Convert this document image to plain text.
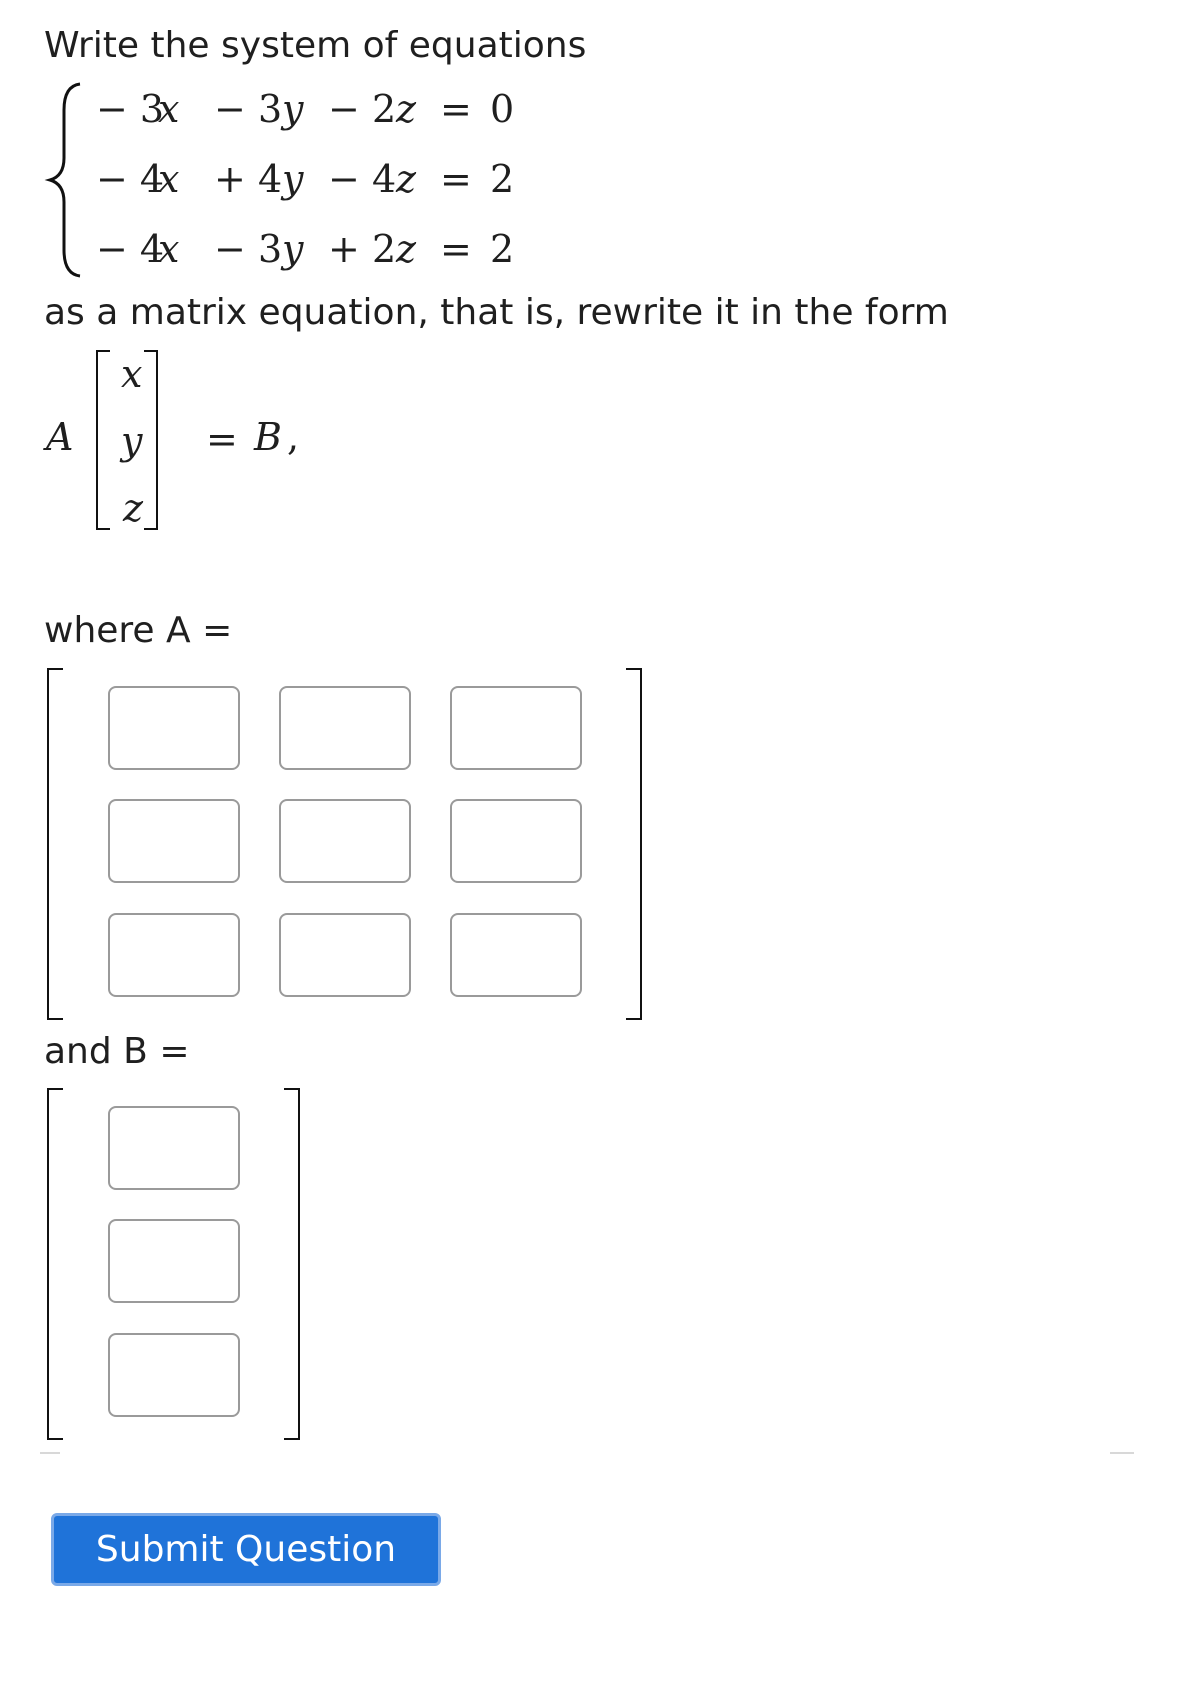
Write the system of equations
− 3
x − 3 y − 2 z = 0
− 4
x + 4 y − 4 z = 2
− 4
x − 3 y + 2 z = 2
as a matrix equation, that is, rewrite it in the form
A
x
y
z
= B ,
where A =
and B =
Submit Question
